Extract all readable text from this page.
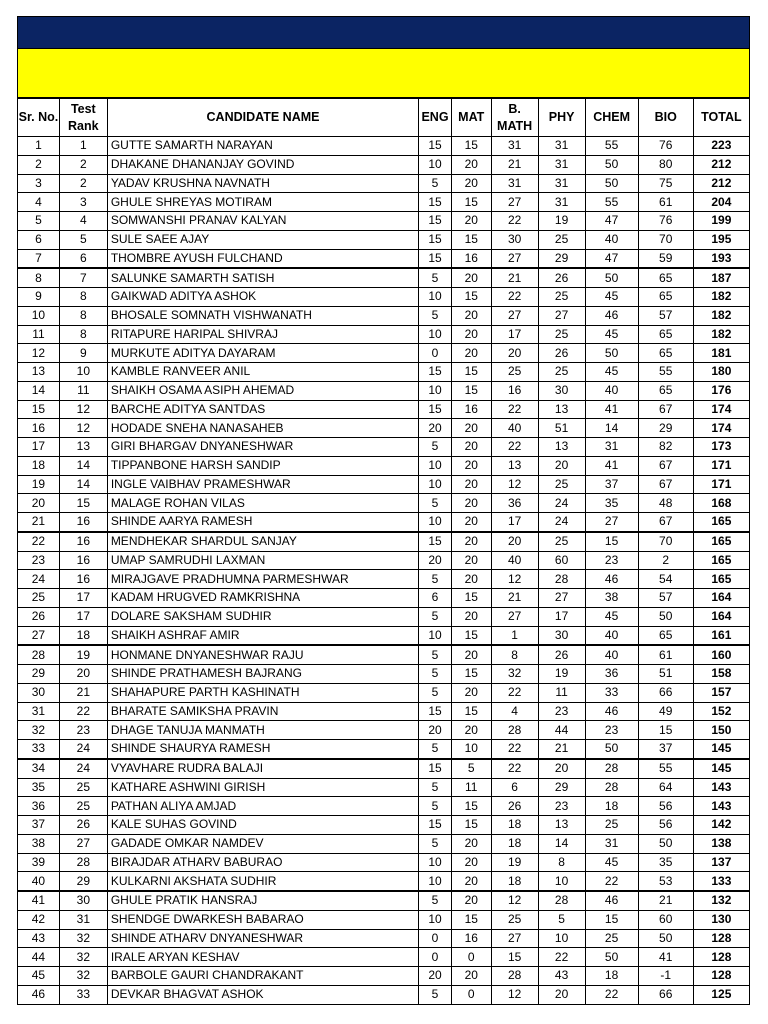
Sr. No.	Test Rank	CANDIDATE NAME	ENG	MAT	B. MATH	PHY	CHEM	BIO	TOTAL
1	1	GUTTE SAMARTH NARAYAN	15	15	31	31	55	76	223
2	2	DHAKANE DHANANJAY GOVIND	10	20	21	31	50	80	212
3	2	YADAV KRUSHNA NAVNATH	5	20	31	31	50	75	212
4	3	GHULE SHREYAS MOTIRAM	15	15	27	31	55	61	204
5	4	SOMWANSHI PRANAV KALYAN	15	20	22	19	47	76	199
6	5	SULE SAEE AJAY	15	15	30	25	40	70	195
7	6	THOMBRE AYUSH FULCHAND	15	16	27	29	47	59	193
8	7	SALUNKE SAMARTH SATISH	5	20	21	26	50	65	187
9	8	GAIKWAD ADITYA ASHOK	10	15	22	25	45	65	182
10	8	BHOSALE SOMNATH VISHWANATH	5	20	27	27	46	57	182
11	8	RITAPURE HARIPAL SHIVRAJ	10	20	17	25	45	65	182
12	9	MURKUTE ADITYA DAYARAM	0	20	20	26	50	65	181
13	10	KAMBLE RANVEER ANIL	15	15	25	25	45	55	180
14	11	SHAIKH OSAMA ASIPH AHEMAD	10	15	16	30	40	65	176
15	12	BARCHE ADITYA SANTDAS	15	16	22	13	41	67	174
16	12	HODADE SNEHA NANASAHEB	20	20	40	51	14	29	174
17	13	GIRI BHARGAV DNYANESHWAR	5	20	22	13	31	82	173
18	14	TIPPANBONE HARSH SANDIP	10	20	13	20	41	67	171
19	14	INGLE VAIBHAV PRAMESHWAR	10	20	12	25	37	67	171
20	15	MALAGE ROHAN VILAS	5	20	36	24	35	48	168
21	16	SHINDE AARYA RAMESH	10	20	17	24	27	67	165
22	16	MENDHEKAR SHARDUL SANJAY	15	20	20	25	15	70	165
23	16	UMAP SAMRUDHI LAXMAN	20	20	40	60	23	2	165
24	16	MIRAJGAVE PRADHUMNA PARMESHWAR	5	20	12	28	46	54	165
25	17	KADAM HRUGVED RAMKRISHNA	6	15	21	27	38	57	164
26	17	DOLARE SAKSHAM SUDHIR	5	20	27	17	45	50	164
27	18	SHAIKH ASHRAF AMIR	10	15	1	30	40	65	161
28	19	HONMANE DNYANESHWAR RAJU	5	20	8	26	40	61	160
29	20	SHINDE PRATHAMESH BAJRANG	5	15	32	19	36	51	158
30	21	SHAHAPURE PARTH KASHINATH	5	20	22	11	33	66	157
31	22	BHARATE SAMIKSHA PRAVIN	15	15	4	23	46	49	152
32	23	DHAGE TANUJA MANMATH	20	20	28	44	23	15	150
33	24	SHINDE SHAURYA RAMESH	5	10	22	21	50	37	145
34	24	VYAVHARE RUDRA BALAJI	15	5	22	20	28	55	145
35	25	KATHARE ASHWINI GIRISH	5	11	6	29	28	64	143
36	25	PATHAN ALIYA AMJAD	5	15	26	23	18	56	143
37	26	KALE SUHAS GOVIND	15	15	18	13	25	56	142
38	27	GADADE OMKAR NAMDEV	5	20	18	14	31	50	138
39	28	BIRAJDAR ATHARV BABURAO	10	20	19	8	45	35	137
40	29	KULKARNI AKSHATA SUDHIR	10	20	18	10	22	53	133
41	30	GHULE PRATIK HANSRAJ	5	20	12	28	46	21	132
42	31	SHENDGE DWARKESH BABARAO	10	15	25	5	15	60	130
43	32	SHINDE ATHARV DNYANESHWAR	0	16	27	10	25	50	128
44	32	IRALE ARYAN KESHAV	0	0	15	22	50	41	128
45	32	BARBOLE GAURI CHANDRAKANT	20	20	28	43	18	-1	128
46	33	DEVKAR BHAGVAT ASHOK	5	0	12	20	22	66	125
